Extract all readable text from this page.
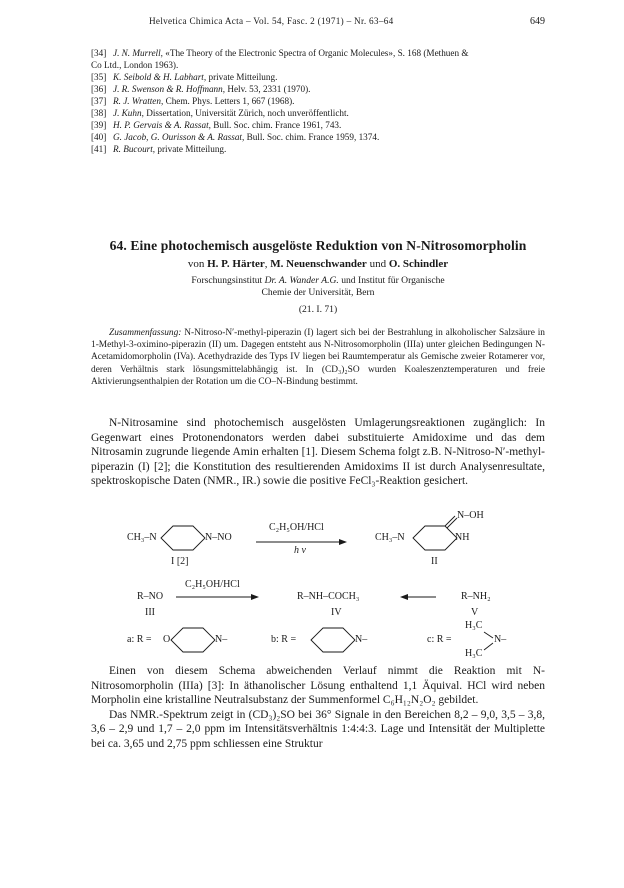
Helvetica Chimica Acta – Vol. 54, Fasc. 2 (1971) – Nr. 63–64	649
[34] J. N. Murrell, «The Theory of the Electronic Spectra of Organic Molecules», S. 168 (Methuen &
Co Ltd., London 1963).
[35] K. Seibold & H. Labhart, private Mitteilung.
[36] J. R. Swenson & R. Hoffmann, Helv. 53, 2331 (1970).
[37] R. J. Wratten, Chem. Phys. Letters 1, 667 (1968).
[38] J. Kuhn, Dissertation, Universität Zürich, noch unveröffentlicht.
[39] H. P. Gervais & A. Rassat, Bull. Soc. chim. France 1961, 743.
[40] G. Jacob, G. Ourisson & A. Rassat, Bull. Soc. chim. France 1959, 1374.
[41] R. Bucourt, private Mitteilung.
64. Eine photochemisch ausgelöste Reduktion von N-Nitrosomorpholin
von H. P. Härter, M. Neuenschwander und O. Schindler
Forschungsinstitut Dr. A. Wander A.G. und Institut für Organische
Chemie der Universität, Bern
(21. I. 71)
Zusammenfassung: N-Nitroso-N′-methyl-piperazin (I) lagert sich bei der Bestrahlung in alkoholischer Salzsäure in 1-Methyl-3-oximino-piperazin (II) um. Dagegen entsteht aus N-Nitrosomorpholin (IIIa) unter gleichen Bedingungen N-Acetamidomorpholin (IVa). Acethydrazide des Typs IV liegen bei Raumtemperatur als Gemische zweier Rotamerer vor, deren Verhältnis stark lösungsmittelabhängig ist. In (CD₃)₂SO wurden Koaleszenztemperaturen und freie Aktivierungsenthalpien der Rotation um die CO–N-Bindung bestimmt.

N-Nitrosamine sind photochemisch ausgelösten Umlagerungsreaktionen zugänglich: In Gegenwart eines Protonendonators werden dabei substituierte Amidoxime und das dem Nitrosamin zugrunde liegende Amin erhalten [1]. Diesem Schema folgt z.B. N-Nitroso-N′-methyl-piperazin (I) [2]; die Konstitution des resultierenden Amidoxims II ist durch Analysenresultate, spektroskopische Daten (NMR., IR.) sowie die positive FeCl₃-Reaktion gesichert.

CH₃–N	N–NO
C₂H₅OH/HCl
h ν
CH₃–N	NH
N–OH
I [2]	II
R–NO
C₂H₅OH/HCl
R–NH–COCH₃	R–NH₂
III	IV	V
a: R = O	N–	b: R =	N–	c: R =
H₃C
H₃C
N–

Einen von diesem Schema abweichenden Verlauf nimmt die Reaktion mit N-Nitrosomorpholin (IIIa) [3]: In äthanolischer Lösung enthaltend 1,1 Äquival. HCl wird neben Morpholin eine kristalline Neutralsubstanz der Summenformel C₆H₁₂N₂O₂ gebildet.

Das NMR.-Spektrum zeigt in (CD₃)₂SO bei 36° Signale in den Bereichen 8,2 – 9,0, 3,5 – 3,8, 3,6 – 2,9 und 1,7 – 2,0 ppm im Intensitätsverhältnis 1:4:4:3. Lage und Intensität der Multiplette bei ca. 3,65 und 2,75 ppm schliessen eine Struktur
